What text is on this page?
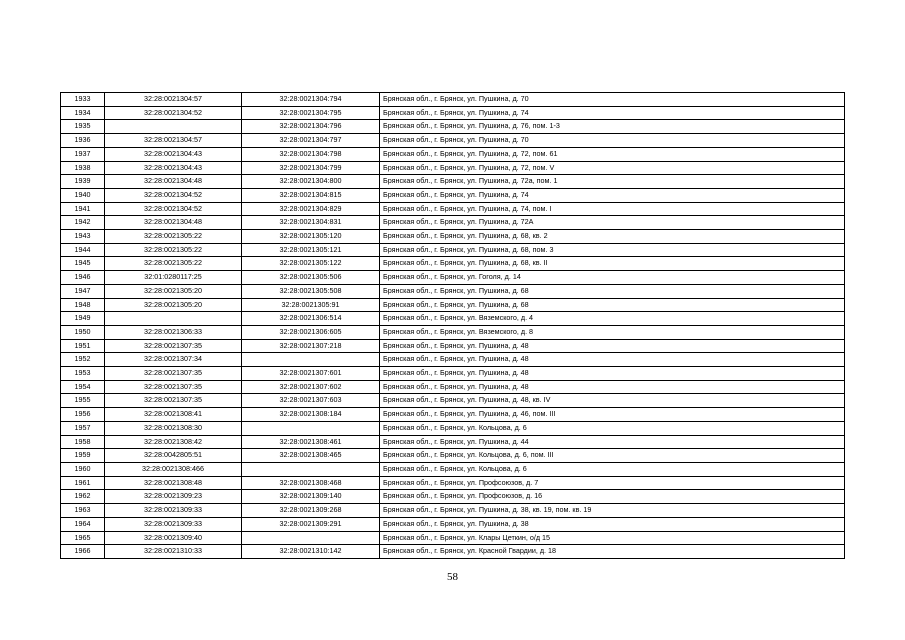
1933	32:28:0021304:57	32:28:0021304:794	Брянская обл., г. Брянск, ул. Пушкина, д. 70
1934	32:28:0021304:52	32:28:0021304:795	Брянская обл., г. Брянск, ул. Пушкина, д. 74
1935		32:28:0021304:796	Брянская обл., г. Брянск, ул. Пушкина, д. 76, пом. 1-3
1936	32:28:0021304:57	32:28:0021304:797	Брянская обл., г. Брянск, ул. Пушкина, д. 70
1937	32:28:0021304:43	32:28:0021304:798	Брянская обл., г. Брянск, ул. Пушкина, д. 72, пом. 61
1938	32:28:0021304:43	32:28:0021304:799	Брянская обл., г. Брянск, ул. Пушкина, д. 72, пом. V
1939	32:28:0021304:48	32:28:0021304:800	Брянская обл., г. Брянск, ул. Пушкина, д. 72а, пом. 1
1940	32:28:0021304:52	32:28:0021304:815	Брянская обл., г. Брянск, ул. Пушкина, д. 74
1941	32:28:0021304:52	32:28:0021304:829	Брянская обл., г. Брянск, ул. Пушкина, д. 74, пом. I
1942	32:28:0021304:48	32:28:0021304:831	Брянская обл., г. Брянск, ул. Пушкина, д. 72А
1943	32:28:0021305:22	32:28:0021305:120	Брянская обл., г. Брянск, ул. Пушкина, д. 68, кв. 2
1944	32:28:0021305:22	32:28:0021305:121	Брянская обл., г. Брянск, ул. Пушкина, д. 68, пом. 3
1945	32:28:0021305:22	32:28:0021305:122	Брянская обл., г. Брянск, ул. Пушкина, д. 68, кв. II
1946	32:01:0280117:25	32:28:0021305:506	Брянская обл., г. Брянск, ул. Гоголя, д. 14
1947	32:28:0021305:20	32:28:0021305:508	Брянская обл., г. Брянск, ул. Пушкина, д. 68
1948	32:28:0021305:20	32:28:0021305:91	Брянская обл., г. Брянск, ул. Пушкина, д. 68
1949		32:28:0021306:514	Брянская обл., г. Брянск, ул. Вяземского, д. 4
1950	32:28:0021306:33	32:28:0021306:605	Брянская обл., г. Брянск, ул. Вяземского, д. 8
1951	32:28:0021307:35	32:28:0021307:218	Брянская обл., г. Брянск, ул. Пушкина, д. 48
1952	32:28:0021307:34		Брянская обл., г. Брянск, ул. Пушкина, д. 48
1953	32:28:0021307:35	32:28:0021307:601	Брянская обл., г. Брянск, ул. Пушкина, д. 48
1954	32:28:0021307:35	32:28:0021307:602	Брянская обл., г. Брянск, ул. Пушкина, д. 48
1955	32:28:0021307:35	32:28:0021307:603	Брянская обл., г. Брянск, ул. Пушкина, д. 48, кв. IV
1956	32:28:0021308:41	32:28:0021308:184	Брянская обл., г. Брянск, ул. Пушкина, д. 46, пом. III
1957	32:28:0021308:30		Брянская обл., г. Брянск, ул. Кольцова, д. 6
1958	32:28:0021308:42	32:28:0021308:461	Брянская обл., г. Брянск, ул. Пушкина, д. 44
1959	32:28:0042805:51	32:28:0021308:465	Брянская обл., г. Брянск, ул. Кольцова, д. 6, пом. III
1960	32:28:0021308:466		Брянская обл., г. Брянск, ул. Кольцова, д. 6
1961	32:28:0021308:48	32:28:0021308:468	Брянская обл., г. Брянск, ул. Профсоюзов, д. 7
1962	32:28:0021309:23	32:28:0021309:140	Брянская обл., г. Брянск, ул. Профсоюзов, д. 16
1963	32:28:0021309:33	32:28:0021309:268	Брянская обл., г. Брянск, ул. Пушкина, д. 38, кв. 19, пом. кв. 19
1964	32:28:0021309:33	32:28:0021309:291	Брянская обл., г. Брянск, ул. Пушкина, д. 38
1965	32:28:0021309:40		Брянская обл., г. Брянск, ул. Клары Цеткин, о/д 15
1966	32:28:0021310:33	32:28:0021310:142	Брянская обл., г. Брянск, ул. Красной Гвардии, д. 18
58
